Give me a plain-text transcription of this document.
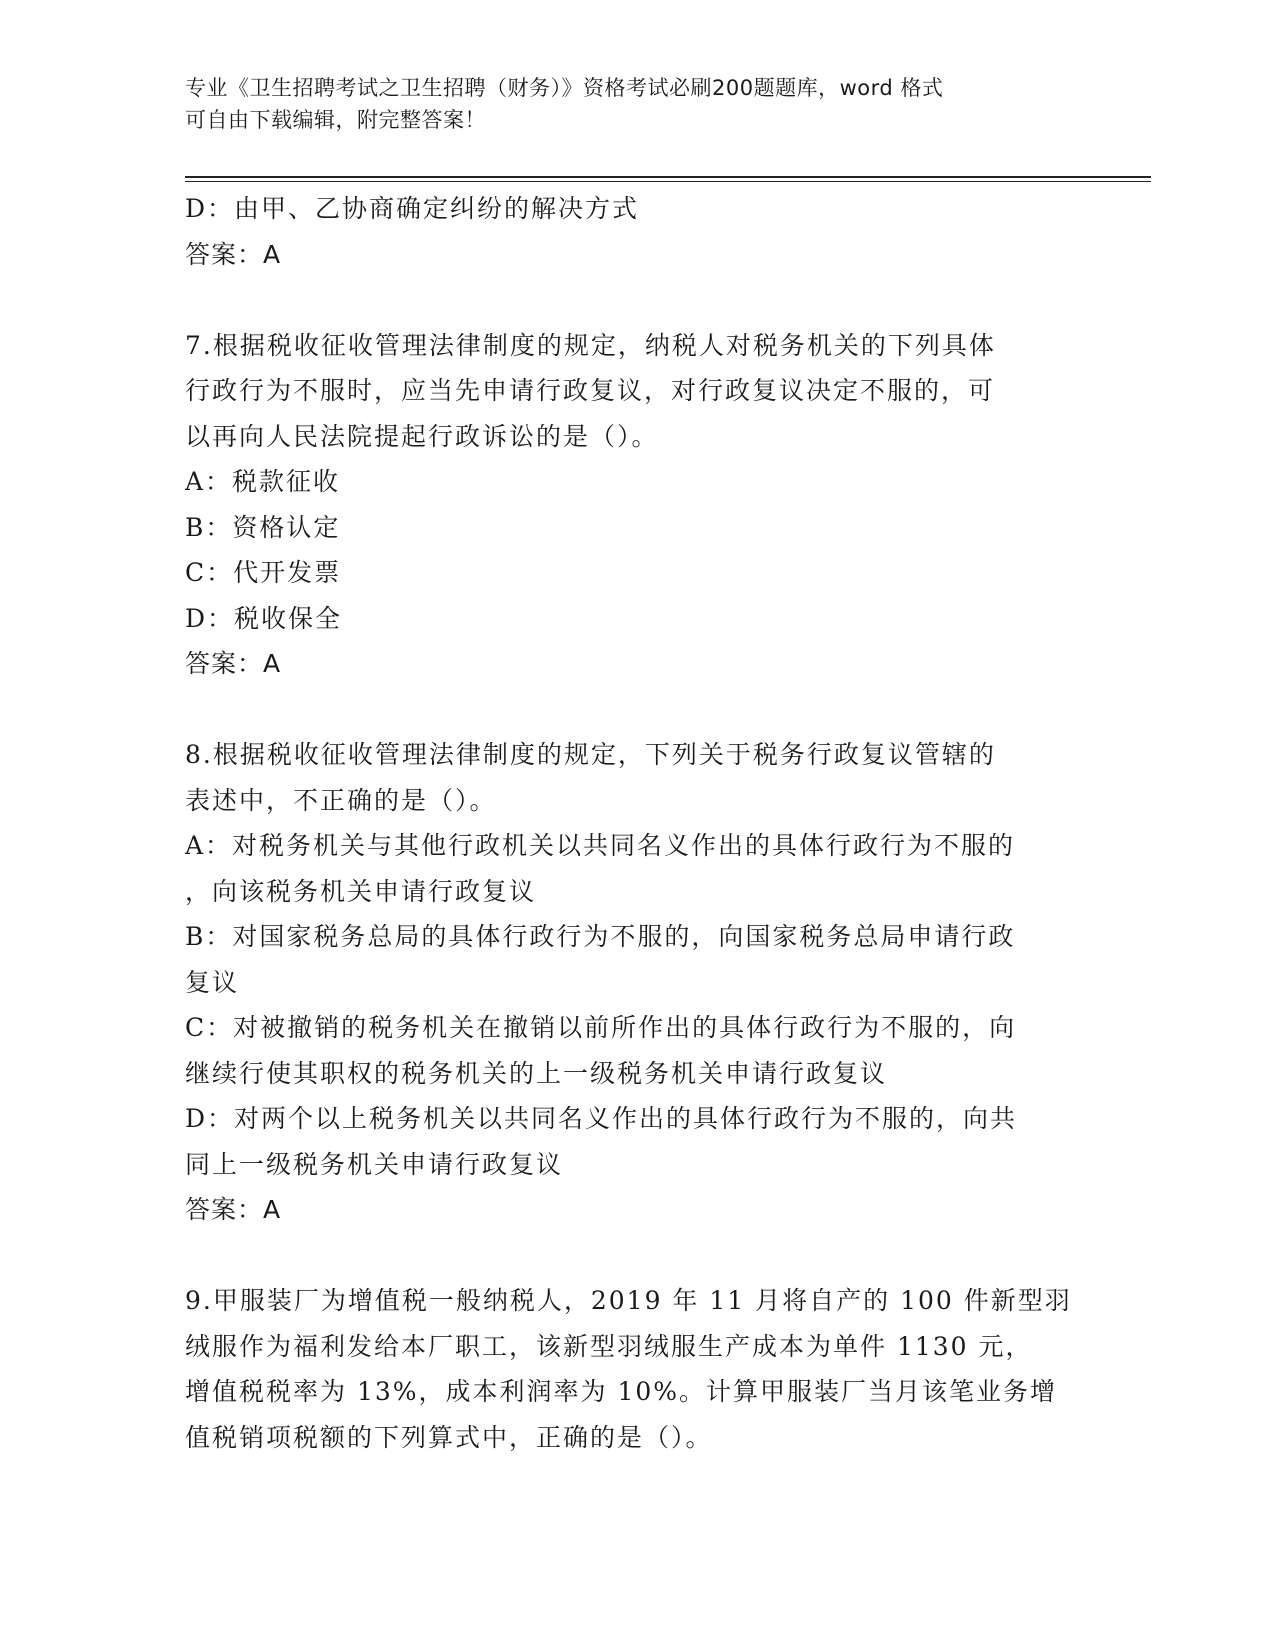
专业《卫生招聘考试之卫生招聘（财务）》资格考试必刷200题题库，word 格式
可自由下载编辑，附完整答案！
D：由甲、乙协商确定纠纷的解决方式
答案：A
7.根据税收征收管理法律制度的规定，纳税人对税务机关的下列具体
行政行为不服时，应当先申请行政复议，对行政复议决定不服的，可
以再向人民法院提起行政诉讼的是（）。
A：税款征收
B：资格认定
C：代开发票
D：税收保全
答案：A
8.根据税收征收管理法律制度的规定，下列关于税务行政复议管辖的
表述中，不正确的是（）。
A：对税务机关与其他行政机关以共同名义作出的具体行政行为不服的
，向该税务机关申请行政复议
B：对国家税务总局的具体行政行为不服的，向国家税务总局申请行政
复议
C：对被撤销的税务机关在撤销以前所作出的具体行政行为不服的，向
继续行使其职权的税务机关的上一级税务机关申请行政复议
D：对两个以上税务机关以共同名义作出的具体行政行为不服的，向共
同上一级税务机关申请行政复议
答案：A
9.甲服装厂为增值税一般纳税人，2019 年 11 月将自产的 100 件新型羽
绒服作为福利发给本厂职工，该新型羽绒服生产成本为单件 1130 元，
增值税税率为 13%，成本利润率为 10%。计算甲服装厂当月该笔业务增
值税销项税额的下列算式中，正确的是（）。
